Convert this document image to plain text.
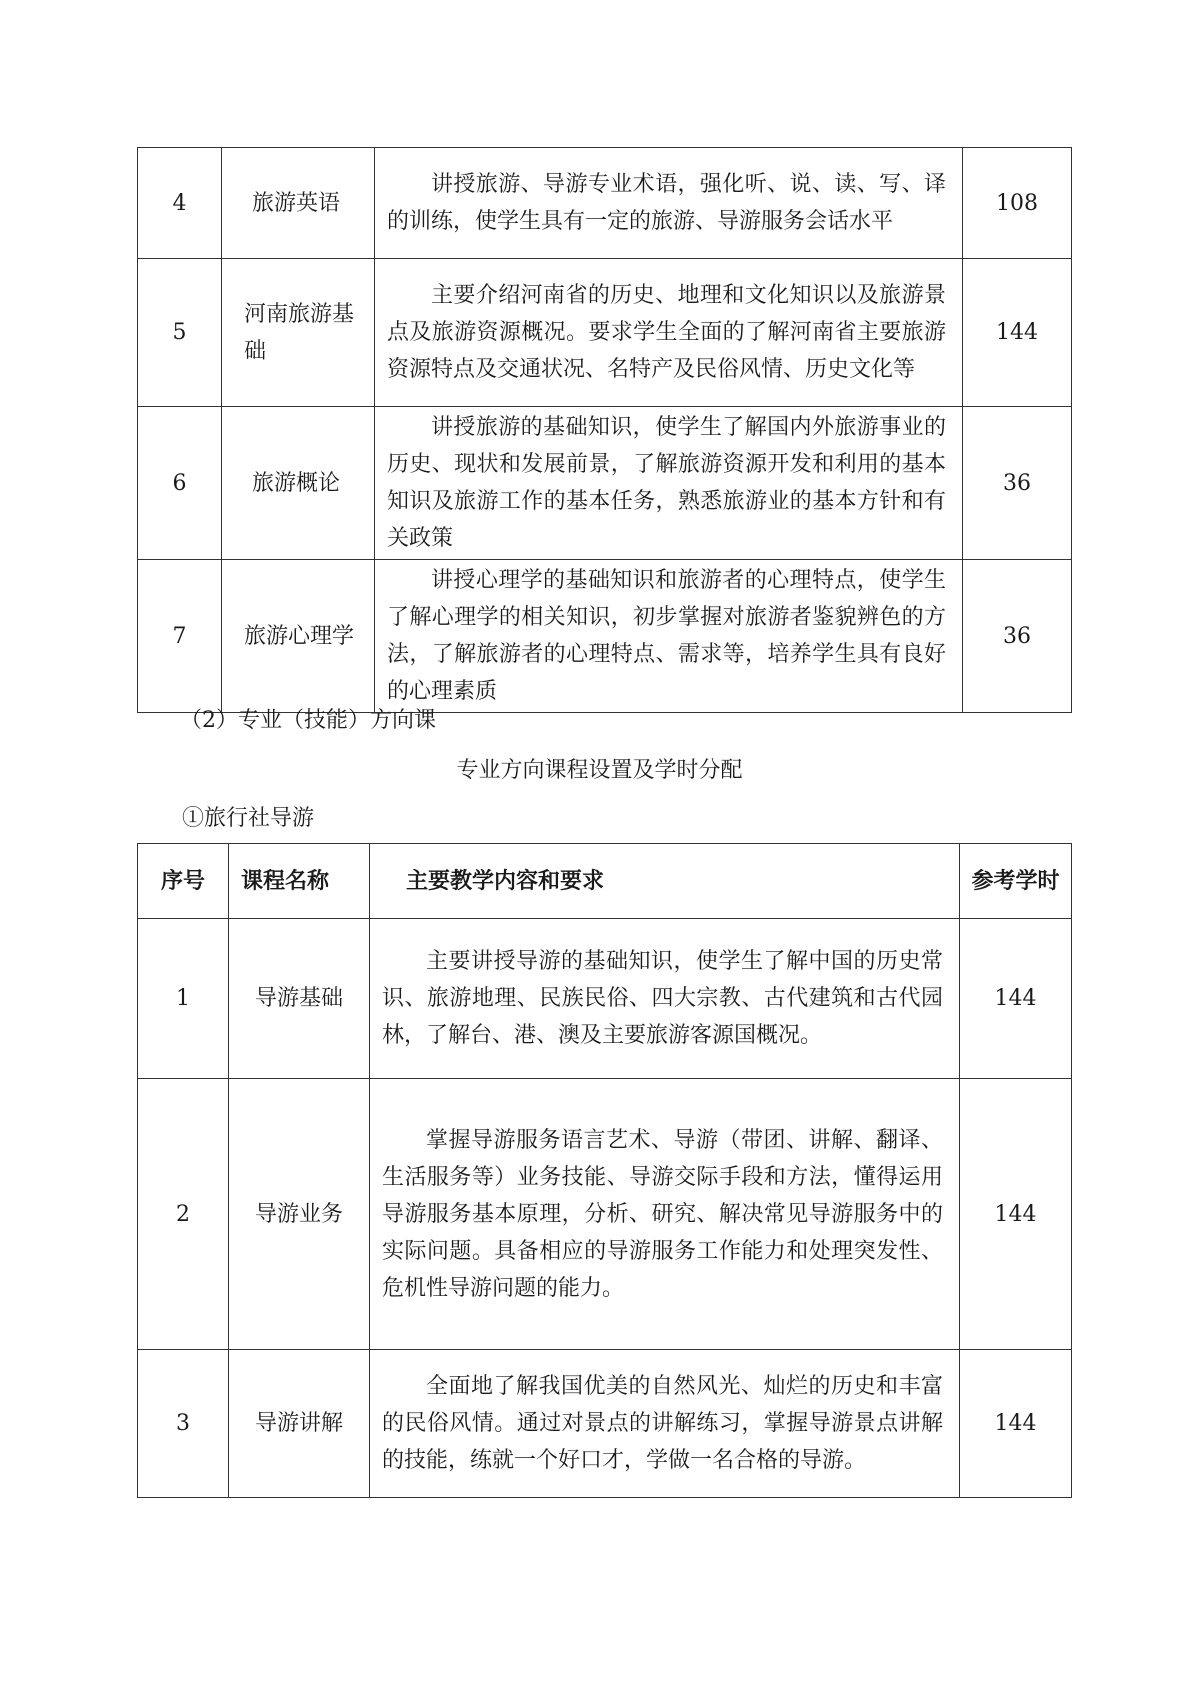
4	旅游英语	讲授旅游、导游专业术语，强化听、说、读、写、译的训练，使学生具有一定的旅游、导游服务会话水平	108
5	河南旅游基础	主要介绍河南省的历史、地理和文化知识以及旅游景点及旅游资源概况。要求学生全面的了解河南省主要旅游资源特点及交通状况、名特产及民俗风情、历史文化等	144
6	旅游概论	讲授旅游的基础知识，使学生了解国内外旅游事业的历史、现状和发展前景，了解旅游资源开发和利用的基本知识及旅游工作的基本任务，熟悉旅游业的基本方针和有关政策	36
7	旅游心理学	讲授心理学的基础知识和旅游者的心理特点，使学生了解心理学的相关知识，初步掌握对旅游者鉴貌辨色的方法，了解旅游者的心理特点、需求等，培养学生具有良好的心理素质	36
（2）专业（技能）方向课
专业方向课程设置及学时分配
①旅行社导游
序号	课程名称	主要教学内容和要求	参考学时
1	导游基础	主要讲授导游的基础知识，使学生了解中国的历史常识、旅游地理、民族民俗、四大宗教、古代建筑和古代园林，了解台、港、澳及主要旅游客源国概况。	144
2	导游业务	掌握导游服务语言艺术、导游（带团、讲解、翻译、生活服务等）业务技能、导游交际手段和方法，懂得运用导游服务基本原理，分析、研究、解决常见导游服务中的实际问题。具备相应的导游服务工作能力和处理突发性、危机性导游问题的能力。	144
3	导游讲解	全面地了解我国优美的自然风光、灿烂的历史和丰富的民俗风情。通过对景点的讲解练习，掌握导游景点讲解的技能，练就一个好口才，学做一名合格的导游。	144
